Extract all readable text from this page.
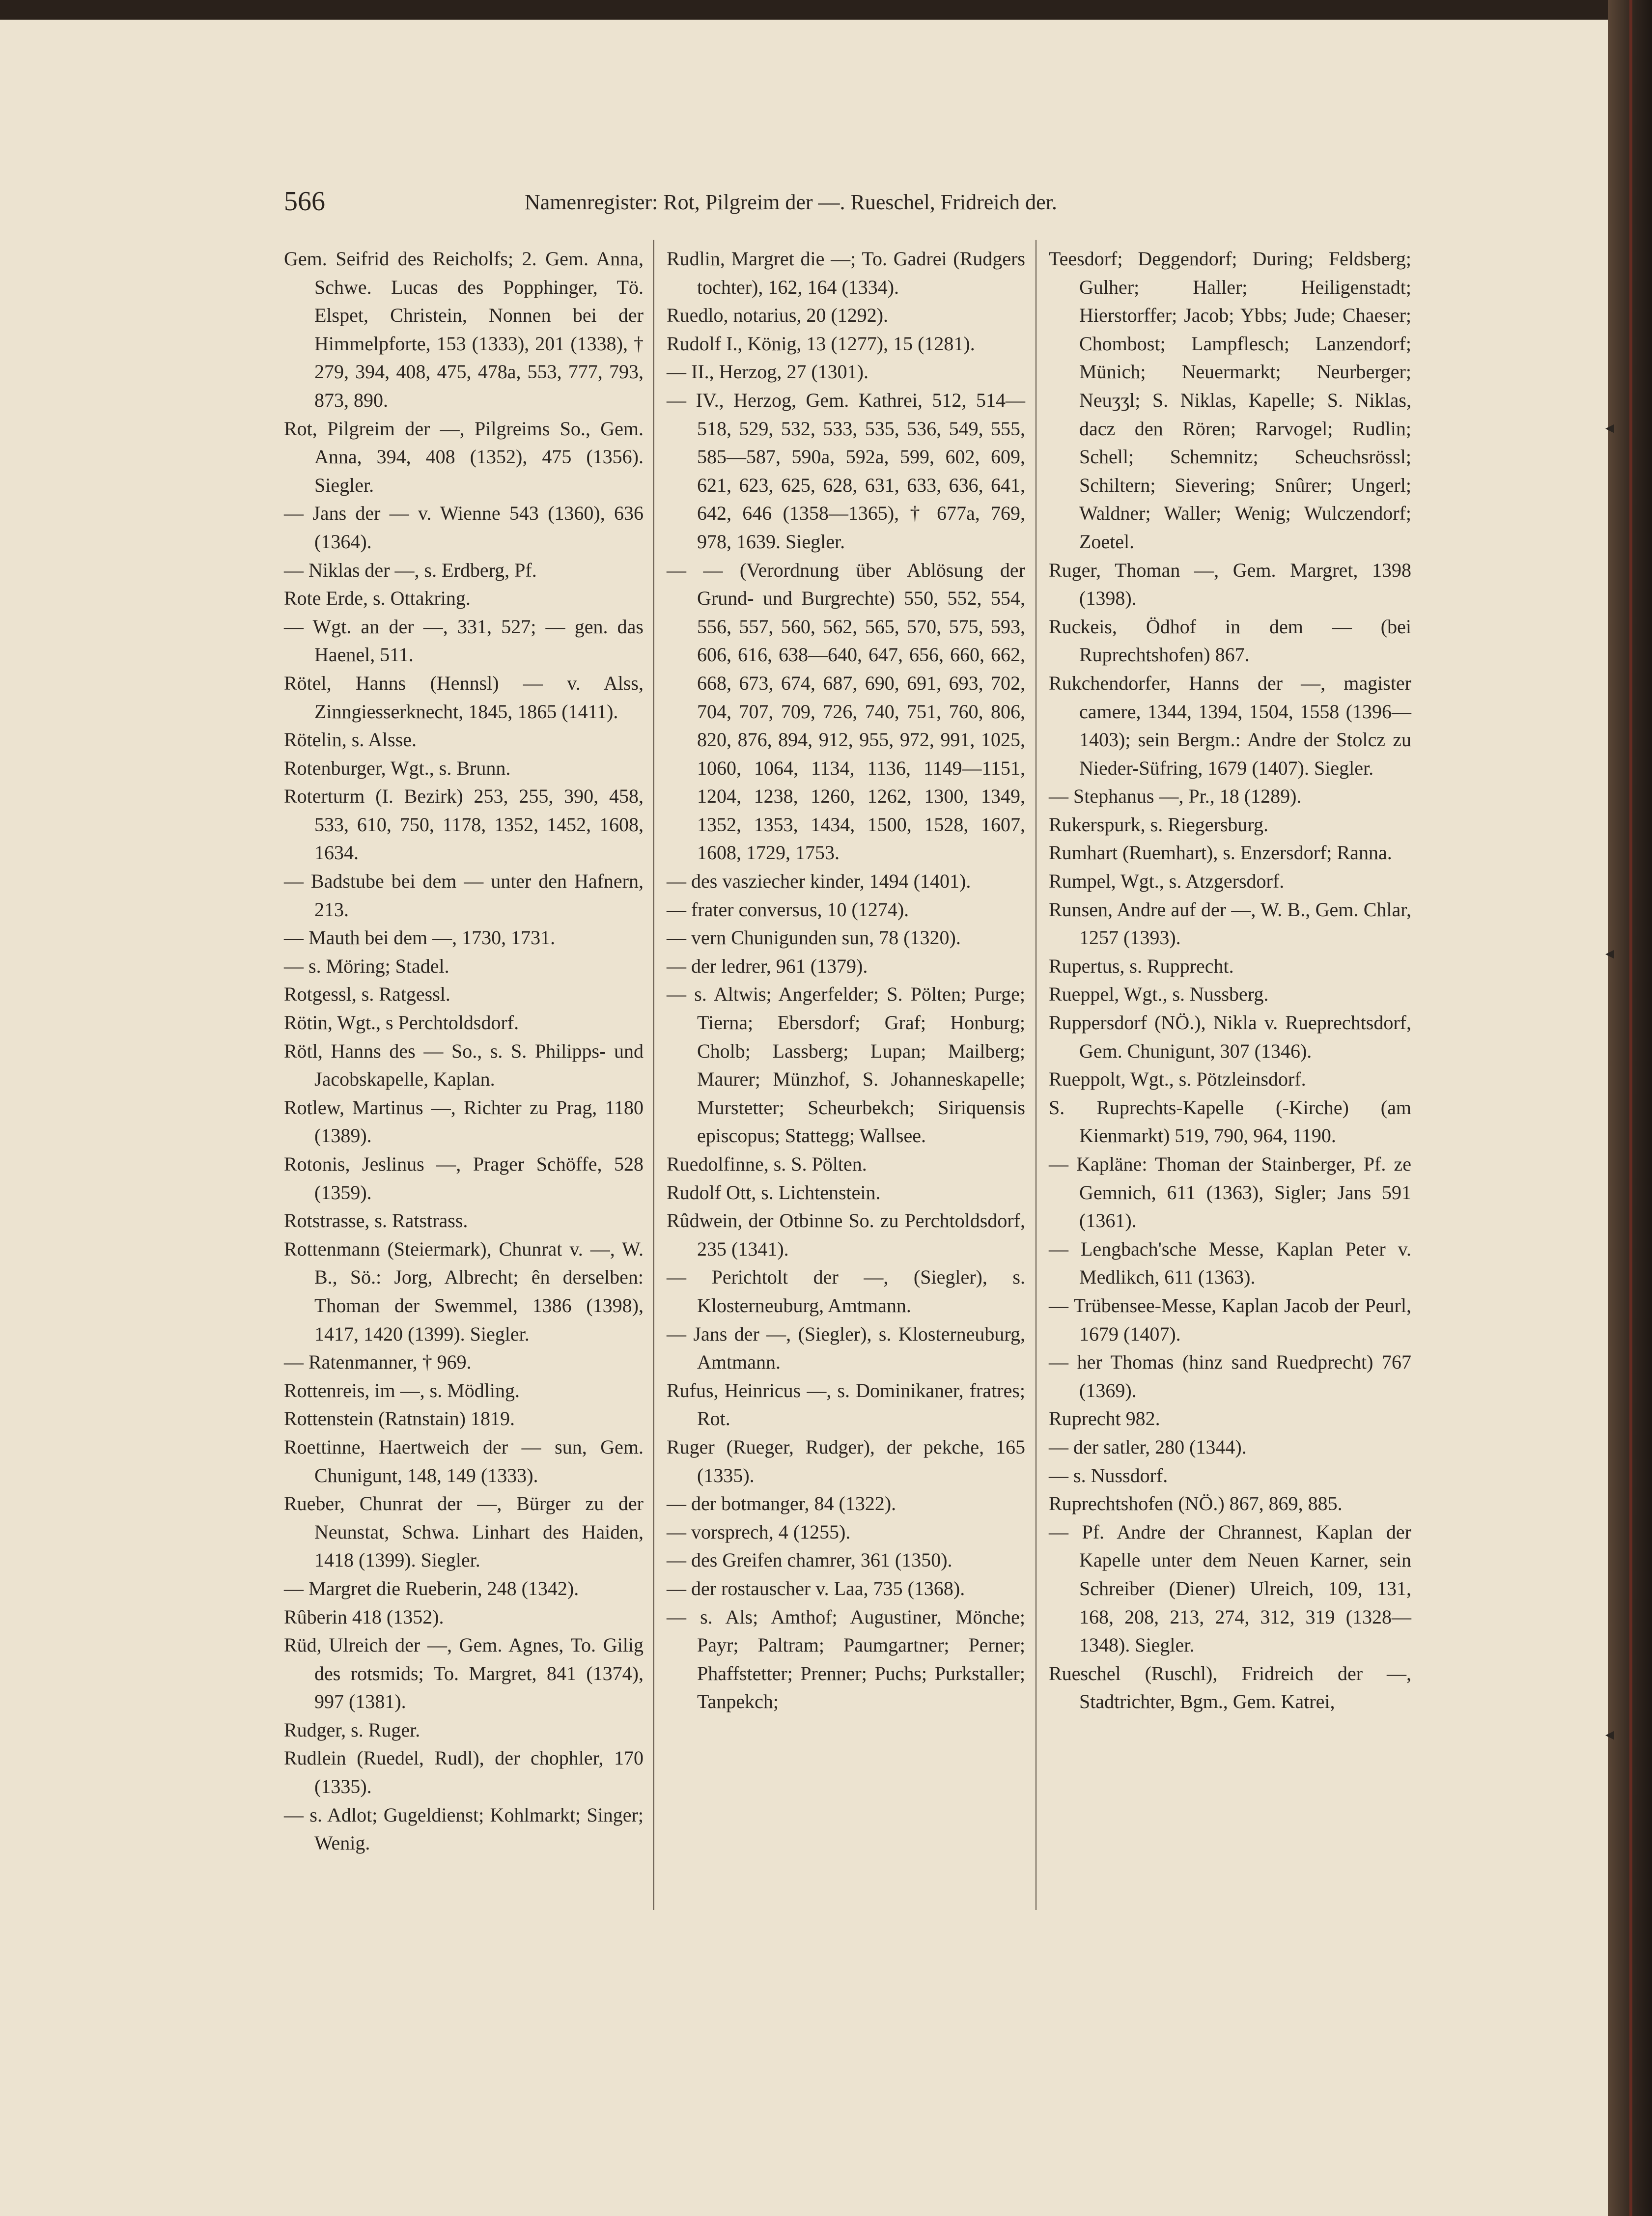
566	Namenregister: Rot, Pilgreim der —. Rueschel, Fridreich der.
Gem. Seifrid des Reicholfs; 2. Gem. Anna, Schwe. Lucas des Popphinger, Tö. Elspet, Christein, Nonnen bei der Himmelpforte, 153 (1333), 201 (1338), † 279, 394, 408, 475, 478a, 553, 777, 793, 873, 890.
Rot, Pilgreim der —, Pilgreims So., Gem. Anna, 394, 408 (1352), 475 (1356). Siegler.
— Jans der — v. Wienne 543 (1360), 636 (1364).
— Niklas der —, s. Erdberg, Pf.
Rote Erde, s. Ottakring.
— Wgt. an der —, 331, 527; — gen. das Haenel, 511.
Rötel, Hanns (Hennsl) — v. Alss, Zinngiesserknecht, 1845, 1865 (1411).
Rötelin, s. Alsse.
Rotenburger, Wgt., s. Brunn.
Roterturm (I. Bezirk) 253, 255, 390, 458, 533, 610, 750, 1178, 1352, 1452, 1608, 1634.
— Badstube bei dem — unter den Hafnern, 213.
— Mauth bei dem —, 1730, 1731.
— s. Möring; Stadel.
Rotgessl, s. Ratgessl.
Rötin, Wgt., s Perchtoldsdorf.
Rötl, Hanns des — So., s. S. Philipps- und Jacobskapelle, Kaplan.
Rotlew, Martinus —, Richter zu Prag, 1180 (1389).
Rotonis, Jeslinus —, Prager Schöffe, 528 (1359).
Rotstrasse, s. Ratstrass.
Rottenmann (Steiermark), Chunrat v. —, W. B., Sö.: Jorg, Albrecht; ên derselben: Thoman der Swemmel, 1386 (1398), 1417, 1420 (1399). Siegler.
— Ratenmanner, † 969.
Rottenreis, im —, s. Mödling.
Rottenstein (Ratnstain) 1819.
Roettinne, Haertweich der — sun, Gem. Chunigunt, 148, 149 (1333).
Rueber, Chunrat der —, Bürger zu der Neunstat, Schwa. Linhart des Haiden, 1418 (1399). Siegler.
— Margret die Rueberin, 248 (1342).
Rûberin 418 (1352).
Rüd, Ulreich der —, Gem. Agnes, To. Gilig des rotsmids; To. Margret, 841 (1374), 997 (1381).
Rudger, s. Ruger.
Rudlein (Ruedel, Rudl), der chophler, 170 (1335).
— s. Adlot; Gugeldienst; Kohlmarkt; Singer; Wenig.
Rudlin, Margret die —; To. Gadrei (Rudgers tochter), 162, 164 (1334).
Ruedlo, notarius, 20 (1292).
Rudolf I., König, 13 (1277), 15 (1281).
— II., Herzog, 27 (1301).
— IV., Herzog, Gem. Kathrei, 512, 514—518, 529, 532, 533, 535, 536, 549, 555, 585—587, 590a, 592a, 599, 602, 609, 621, 623, 625, 628, 631, 633, 636, 641, 642, 646 (1358—1365), † 677a, 769, 978, 1639. Siegler.
— — (Verordnung über Ablösung der Grund- und Burgrechte) 550, 552, 554, 556, 557, 560, 562, 565, 570, 575, 593, 606, 616, 638—640, 647, 656, 660, 662, 668, 673, 674, 687, 690, 691, 693, 702, 704, 707, 709, 726, 740, 751, 760, 806, 820, 876, 894, 912, 955, 972, 991, 1025, 1060, 1064, 1134, 1136, 1149—1151, 1204, 1238, 1260, 1262, 1300, 1349, 1352, 1353, 1434, 1500, 1528, 1607, 1608, 1729, 1753.
— des vasziecher kinder, 1494 (1401).
— frater conversus, 10 (1274).
— vern Chunigunden sun, 78 (1320).
— der ledrer, 961 (1379).
— s. Altwis; Angerfelder; S. Pölten; Purge; Tierna; Ebersdorf; Graf; Honburg; Cholb; Lassberg; Lupan; Mailberg; Maurer; Münzhof, S. Johanneskapelle; Murstetter; Scheurbekch; Siriquensis episcopus; Stattegg; Wallsee.
Ruedolfinne, s. S. Pölten.
Rudolf Ott, s. Lichtenstein.
Rûdwein, der Otbinne So. zu Perchtoldsdorf, 235 (1341).
— Perichtolt der —, (Siegler), s. Klosterneuburg, Amtmann.
— Jans der —, (Siegler), s. Klosterneuburg, Amtmann.
Rufus, Heinricus —, s. Dominikaner, fratres; Rot.
Ruger (Rueger, Rudger), der pekche, 165 (1335).
— der botmanger, 84 (1322).
— vorsprech, 4 (1255).
— des Greifen chamrer, 361 (1350).
— der rostauscher v. Laa, 735 (1368).
— s. Als; Amthof; Augustiner, Mönche; Payr; Paltram; Paumgartner; Perner; Phaffstetter; Prenner; Puchs; Purkstaller; Tanpekch;
Teesdorf; Deggendorf; During; Feldsberg; Gulher; Haller; Heiligenstadt; Hierstorffer; Jacob; Ybbs; Jude; Chaeser; Chombost; Lampflesch; Lanzendorf; Münich; Neuermarkt; Neurberger; Neuʒʒl; S. Niklas, Kapelle; S. Niklas, dacz den Rören; Rarvogel; Rudlin; Schell; Schemnitz; Scheuchsrössl; Schiltern; Sievering; Snûrer; Ungerl; Waldner; Waller; Wenig; Wulczendorf; Zoetel.
Ruger, Thoman —, Gem. Margret, 1398 (1398).
Ruckeis, Ödhof in dem — (bei Ruprechtshofen) 867.
Rukchendorfer, Hanns der —, magister camere, 1344, 1394, 1504, 1558 (1396—1403); sein Bergm.: Andre der Stolcz zu Nieder-Süfring, 1679 (1407). Siegler.
— Stephanus —, Pr., 18 (1289).
Rukerspurk, s. Riegersburg.
Rumhart (Ruemhart), s. Enzersdorf; Ranna.
Rumpel, Wgt., s. Atzgersdorf.
Runsen, Andre auf der —, W. B., Gem. Chlar, 1257 (1393).
Rupertus, s. Rupprecht.
Rueppel, Wgt., s. Nussberg.
Ruppersdorf (NÖ.), Nikla v. Rueprechtsdorf, Gem. Chunigunt, 307 (1346).
Rueppolt, Wgt., s. Pötzleinsdorf.
S. Ruprechts-Kapelle (-Kirche) (am Kienmarkt) 519, 790, 964, 1190.
— Kapläne: Thoman der Stainberger, Pf. ze Gemnich, 611 (1363), Sigler; Jans 591 (1361).
— Lengbach'sche Messe, Kaplan Peter v. Medlikch, 611 (1363).
— Trübensee-Messe, Kaplan Jacob der Peurl, 1679 (1407).
— her Thomas (hinz sand Ruedprecht) 767 (1369).
Ruprecht 982.
— der satler, 280 (1344).
— s. Nussdorf.
Ruprechtshofen (NÖ.) 867, 869, 885.
— Pf. Andre der Chrannest, Kaplan der Kapelle unter dem Neuen Karner, sein Schreiber (Diener) Ulreich, 109, 131, 168, 208, 213, 274, 312, 319 (1328—1348). Siegler.
Rueschel (Ruschl), Fridreich der —, Stadtrichter, Bgm., Gem. Katrei,
◂
◂
◂
